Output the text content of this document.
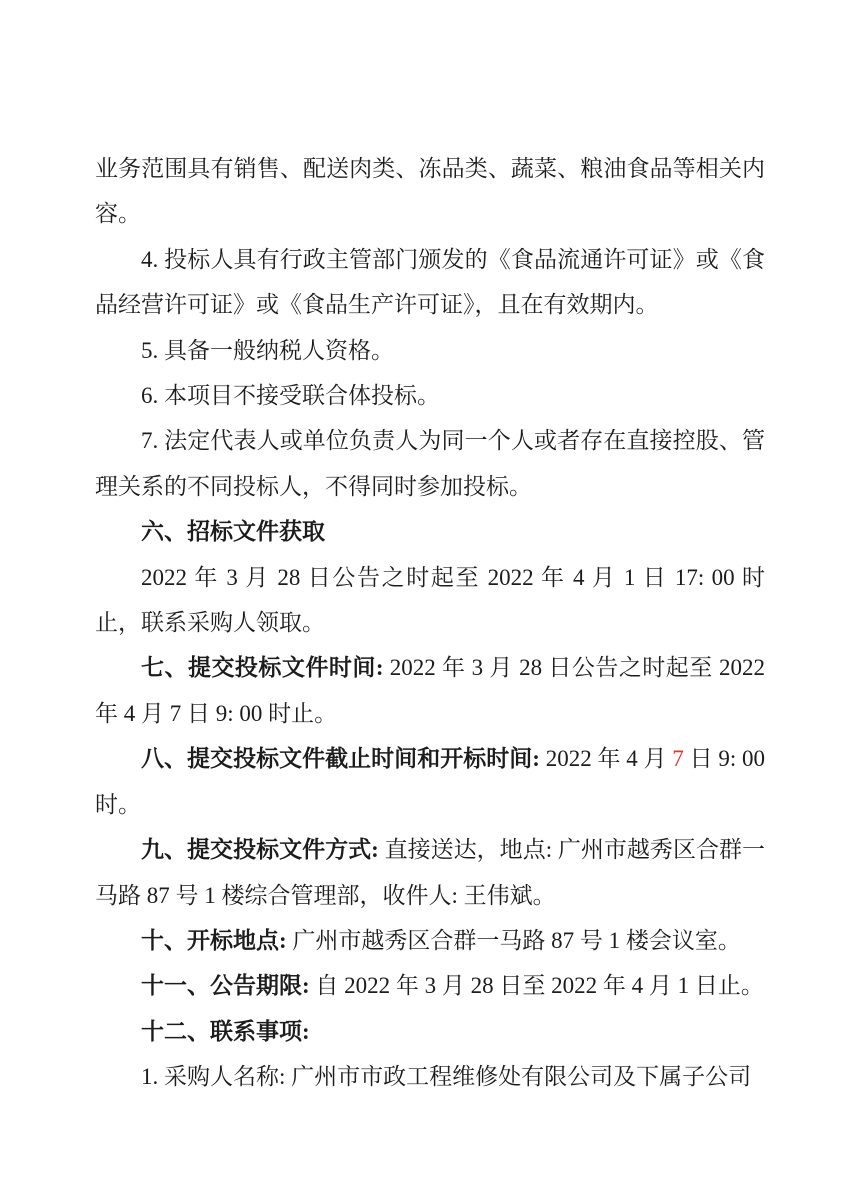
业务范围具有销售、配送肉类、冻品类、蔬菜、粮油食品等相关内容。

4. 投标人具有行政主管部门颁发的《食品流通许可证》或《食品经营许可证》或《食品生产许可证》，且在有效期内。

5. 具备一般纳税人资格。

6. 本项目不接受联合体投标。

7. 法定代表人或单位负责人为同一个人或者存在直接控股、管理关系的不同投标人，不得同时参加投标。

六、招标文件获取

2022 年 3 月 28 日公告之时起至 2022 年 4 月 1 日 17: 00 时止，联系采购人领取。

七、提交投标文件时间: 2022 年 3 月 28 日公告之时起至 2022 年 4 月 7 日 9: 00 时止。

八、提交投标文件截止时间和开标时间: 2022 年 4 月 7 日 9: 00 时。

九、提交投标文件方式: 直接送达，地点: 广州市越秀区合群一马路 87 号 1 楼综合管理部，收件人: 王伟斌。

十、开标地点: 广州市越秀区合群一马路 87 号 1 楼会议室。

十一、公告期限: 自 2022 年 3 月 28 日至 2022 年 4 月 1 日止。

十二、联系事项:

1. 采购人名称: 广州市市政工程维修处有限公司及下属子公司
